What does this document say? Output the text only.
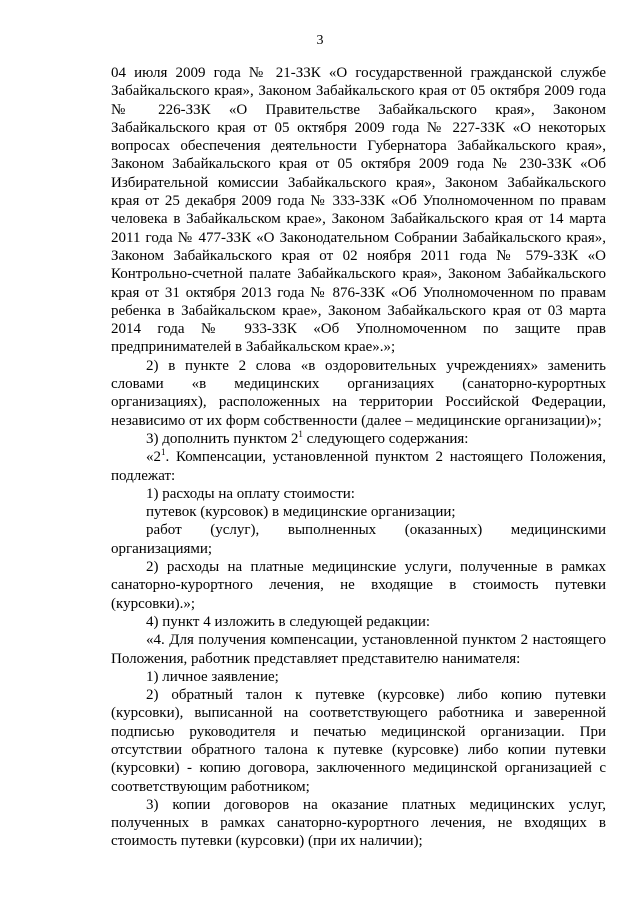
3

04 июля 2009 года № 21-ЗЗК «О государственной гражданской службе Забайкальского края», Законом Забайкальского края от 05 октября 2009 года № 226-ЗЗК «О Правительстве Забайкальского края», Законом Забайкальского края от 05 октября 2009 года № 227-ЗЗК «О некоторых вопросах обеспечения деятельности Губернатора Забайкальского края», Законом Забайкальского края от 05 октября 2009 года № 230-ЗЗК «Об Избирательной комиссии Забайкальского края», Законом Забайкальского края от 25 декабря 2009 года № 333-ЗЗК «Об Уполномоченном по правам человека в Забайкальском крае», Законом Забайкальского края от 14 марта 2011 года № 477-ЗЗК «О Законодательном Собрании Забайкальского края», Законом Забайкальского края от 02 ноября 2011 года № 579-ЗЗК «О Контрольно-счетной палате Забайкальского края», Законом Забайкальского края от 31 октября 2013 года № 876-ЗЗК «Об Уполномоченном по правам ребенка в Забайкальском крае», Законом Забайкальского края от 03 марта 2014 года № 933-ЗЗК «Об Уполномоченном по защите прав предпринимателей в Забайкальском крае».»;

2) в пункте 2 слова «в оздоровительных учреждениях» заменить словами «в медицинских организациях (санаторно-курортных организациях), расположенных на территории Российской Федерации, независимо от их форм собственности (далее – медицинские организации)»;

3) дополнить пунктом $2^1$ следующего содержания:

«$2^1$. Компенсации, установленной пунктом 2 настоящего Положения, подлежат:

1) расходы на оплату стоимости:

путевок (курсовок) в медицинские организации;

работ (услуг), выполненных (оказанных) медицинскими организациями;

2) расходы на платные медицинские услуги, полученные в рамках санаторно-курортного лечения, не входящие в стоимость путевки (курсовки).»;

4) пункт 4 изложить в следующей редакции:

«4. Для получения компенсации, установленной пунктом 2 настоящего Положения, работник представляет представителю нанимателя:

1) личное заявление;

2) обратный талон к путевке (курсовке) либо копию путевки (курсовки), выписанной на соответствующего работника и заверенной подписью руководителя и печатью медицинской организации. При отсутствии обратного талона к путевке (курсовке) либо копии путевки (курсовки) - копию договора, заключенного медицинской организацией с соответствующим работником;

3) копии договоров на оказание платных медицинских услуг, полученных в рамках санаторно-курортного лечения, не входящих в стоимость путевки (курсовки) (при их наличии);
